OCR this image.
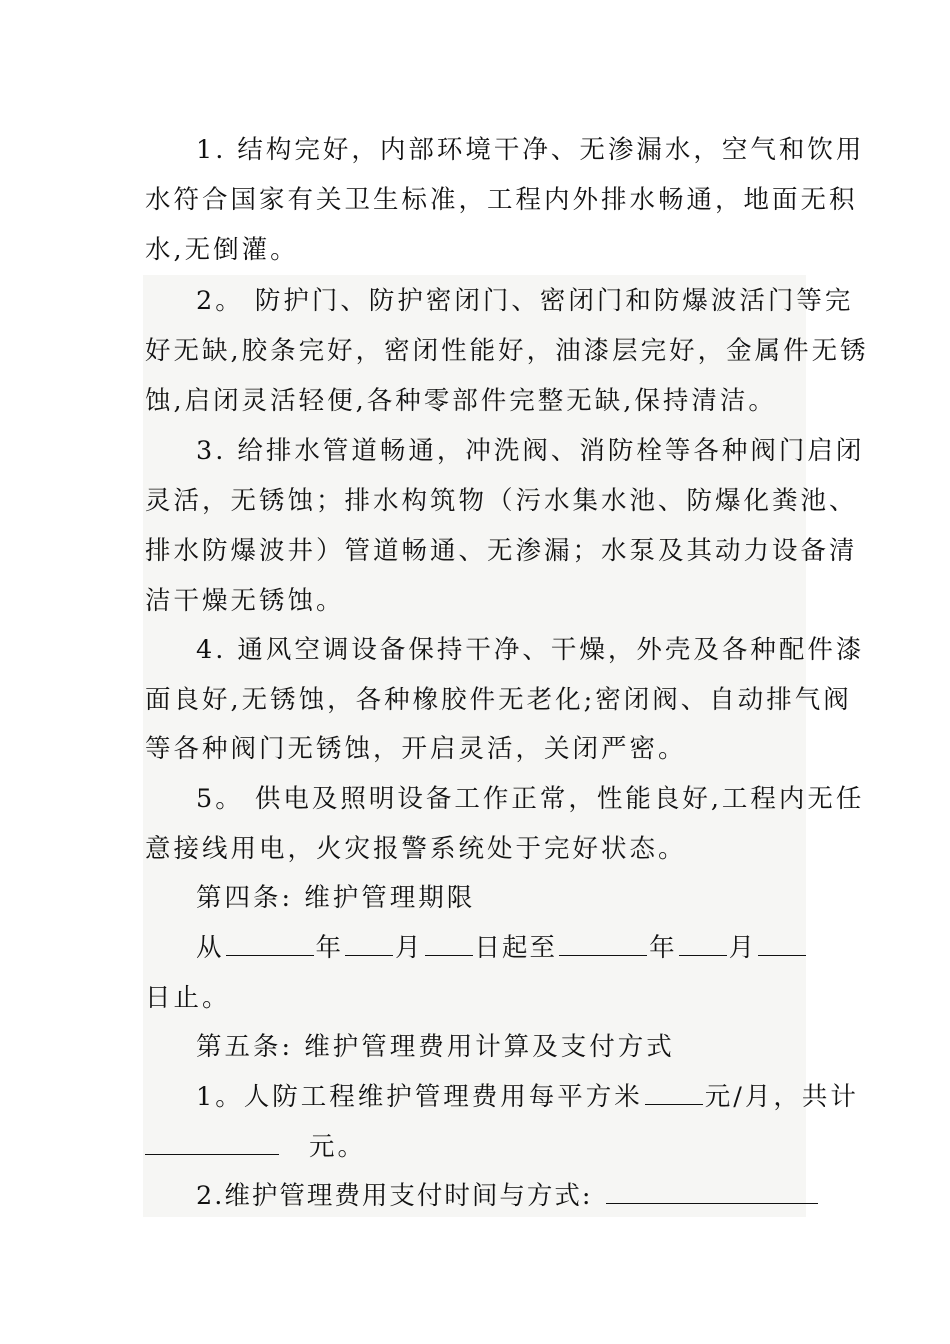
1. 结构完好，内部环境干净、无渗漏水，空气和饮用

水符合国家有关卫生标准，工程内外排水畅通，地面无积

水,无倒灌。

2。 防护门、防护密闭门、密闭门和防爆波活门等完

好无缺,胶条完好，密闭性能好，油漆层完好，金属件无锈

蚀,启闭灵活轻便,各种零部件完整无缺,保持清洁。

3. 给排水管道畅通，冲洗阀、消防栓等各种阀门启闭

灵活，无锈蚀；排水构筑物（污水集水池、防爆化粪池、

排水防爆波井）管道畅通、无渗漏；水泵及其动力设备清

洁干燥无锈蚀。

4. 通风空调设备保持干净、干燥，外壳及各种配件漆

面良好,无锈蚀，各种橡胶件无老化;密闭阀、自动排气阀

等各种阀门无锈蚀，开启灵活，关闭严密。

5。 供电及照明设备工作正常，性能良好,工程内无任

意接线用电，火灾报警系统处于完好状态。

第四条: 维护管理期限

从	年 月 日起至	年 月

日止。

第五条: 维护管理费用计算及支付方式

1。人防工程维护管理费用每平方米 元/月，共计

元。

2.维护管理费用支付时间与方式:
